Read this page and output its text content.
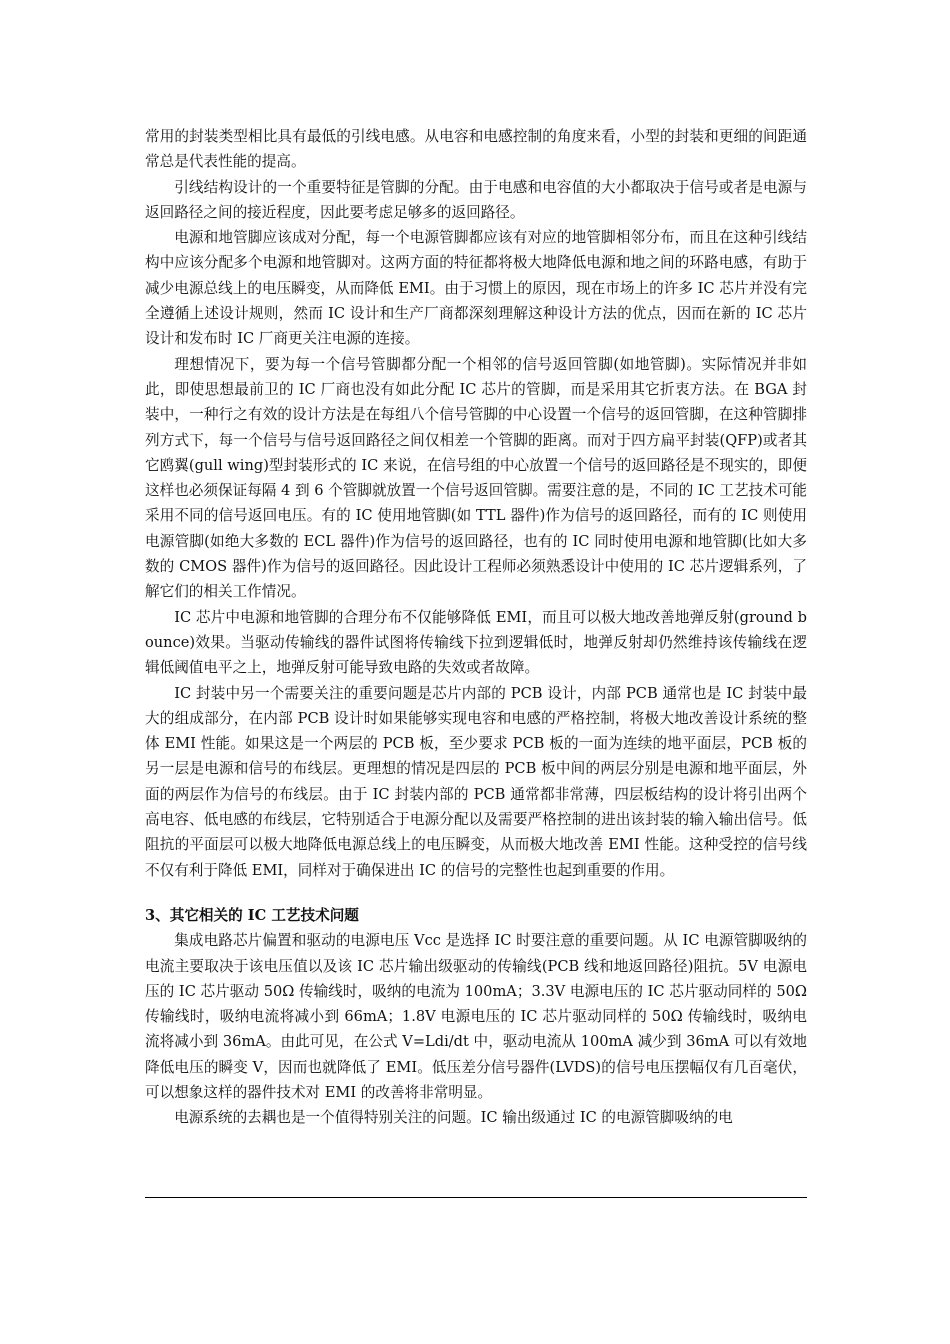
常用的封装类型相比具有最低的引线电感。从电容和电感控制的角度来看，小型的封装和更细的间距通常总是代表性能的提高。

引线结构设计的一个重要特征是管脚的分配。由于电感和电容值的大小都取决于信号或者是电源与返回路径之间的接近程度，因此要考虑足够多的返回路径。

电源和地管脚应该成对分配，每一个电源管脚都应该有对应的地管脚相邻分布，而且在这种引线结构中应该分配多个电源和地管脚对。这两方面的特征都将极大地降低电源和地之间的环路电感，有助于减少电源总线上的电压瞬变，从而降低 EMI。由于习惯上的原因，现在市场上的许多 IC 芯片并没有完全遵循上述设计规则，然而 IC 设计和生产厂商都深刻理解这种设计方法的优点，因而在新的 IC 芯片设计和发布时 IC 厂商更关注电源的连接。

理想情况下，要为每一个信号管脚都分配一个相邻的信号返回管脚(如地管脚)。实际情况并非如此，即使思想最前卫的 IC 厂商也没有如此分配 IC 芯片的管脚，而是采用其它折衷方法。在 BGA 封装中，一种行之有效的设计方法是在每组八个信号管脚的中心设置一个信号的返回管脚，在这种管脚排列方式下，每一个信号与信号返回路径之间仅相差一个管脚的距离。而对于四方扁平封装(QFP)或者其它鸥翼(gull wing)型封装形式的 IC 来说，在信号组的中心放置一个信号的返回路径是不现实的，即便这样也必须保证每隔 4 到 6 个管脚就放置一个信号返回管脚。需要注意的是，不同的 IC 工艺技术可能采用不同的信号返回电压。有的 IC 使用地管脚(如 TTL 器件)作为信号的返回路径，而有的 IC 则使用电源管脚(如绝大多数的 ECL 器件)作为信号的返回路径，也有的 IC 同时使用电源和地管脚(比如大多数的 CMOS 器件)作为信号的返回路径。因此设计工程师必须熟悉设计中使用的 IC 芯片逻辑系列，了解它们的相关工作情况。

IC 芯片中电源和地管脚的合理分布不仅能够降低 EMI，而且可以极大地改善地弹反射(ground bounce)效果。当驱动传输线的器件试图将传输线下拉到逻辑低时，地弹反射却仍然维持该传输线在逻辑低阈值电平之上，地弹反射可能导致电路的失效或者故障。

IC 封装中另一个需要关注的重要问题是芯片内部的 PCB 设计，内部 PCB 通常也是 IC 封装中最大的组成部分，在内部 PCB 设计时如果能够实现电容和电感的严格控制，将极大地改善设计系统的整体 EMI 性能。如果这是一个两层的 PCB 板，至少要求 PCB 板的一面为连续的地平面层，PCB 板的另一层是电源和信号的布线层。更理想的情况是四层的 PCB 板中间的两层分别是电源和地平面层，外面的两层作为信号的布线层。由于 IC 封装内部的 PCB 通常都非常薄，四层板结构的设计将引出两个高电容、低电感的布线层，它特别适合于电源分配以及需要严格控制的进出该封装的输入输出信号。低阻抗的平面层可以极大地降低电源总线上的电压瞬变，从而极大地改善 EMI 性能。这种受控的信号线不仅有利于降低 EMI，同样对于确保进出 IC 的信号的完整性也起到重要的作用。

3、其它相关的 IC 工艺技术问题

集成电路芯片偏置和驱动的电源电压 Vcc 是选择 IC 时要注意的重要问题。从 IC 电源管脚吸纳的电流主要取决于该电压值以及该 IC 芯片输出级驱动的传输线(PCB 线和地返回路径)阻抗。5V 电源电压的 IC 芯片驱动 50Ω 传输线时，吸纳的电流为 100mA；3.3V 电源电压的 IC 芯片驱动同样的 50Ω 传输线时，吸纳电流将减小到 66mA；1.8V 电源电压的 IC 芯片驱动同样的 50Ω 传输线时，吸纳电流将减小到 36mA。由此可见，在公式 V=Ldi/dt 中，驱动电流从 100mA 减少到 36mA 可以有效地降低电压的瞬变 V，因而也就降低了 EMI。低压差分信号器件(LVDS)的信号电压摆幅仅有几百毫伏，可以想象这样的器件技术对 EMI 的改善将非常明显。

电源系统的去耦也是一个值得特别关注的问题。IC 输出级通过 IC 的电源管脚吸纳的电
